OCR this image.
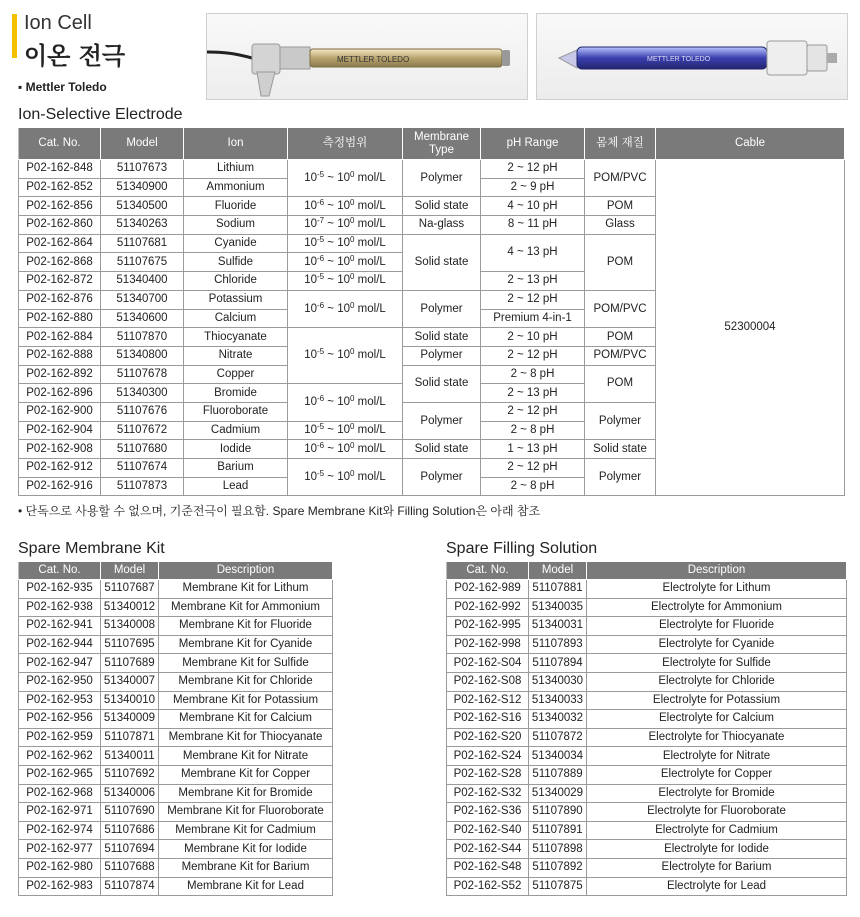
Ion Cell
이온 전극
▪ Mettler Toledo
METTLER TOLEDO	METTLER TOLEDO
Ion-Selective Electrode
Cat. No.	Model	Ion	측정범위	Membrane Type	pH Range	몸체 재질	Cable
P02-162-848	51107673	Lithium	$10^{-5}$ ~ $10^0$ mol/L	Polymer	2 ~ 12 pH	POM/PVC	52300004
P02-162-852	51340900	Ammonium			2 ~ 9 pH		
P02-162-856	51340500	Fluoride	$10^{-6}$ ~ $10^0$ mol/L	Solid state	4 ~ 10 pH	POM	
P02-162-860	51340263	Sodium	$10^{-7}$ ~ $10^0$ mol/L	Na-glass	8 ~ 11 pH	Glass	
P02-162-864	51107681	Cyanide	$10^{-5}$ ~ $10^0$ mol/L	Solid state	4 ~ 13 pH	POM	
P02-162-868	51107675	Sulfide	$10^{-6}$ ~ $10^0$ mol/L				
P02-162-872	51340400	Chloride	$10^{-5}$ ~ $10^0$ mol/L		2 ~ 13 pH		
P02-162-876	51340700	Potassium	$10^{-6}$ ~ $10^0$ mol/L	Polymer	2 ~ 12 pH	POM/PVC	
P02-162-880	51340600	Calcium			Premium 4-in-1		
P02-162-884	51107870	Thiocyanate	$10^{-5}$ ~ $10^0$ mol/L	Solid state	2 ~ 10 pH	POM	
P02-162-888	51340800	Nitrate		Polymer	2 ~ 12 pH	POM/PVC	
P02-162-892	51107678	Copper		Solid state	2 ~ 8 pH	POM	
P02-162-896	51340300	Bromide	$10^{-6}$ ~ $10^0$ mol/L		2 ~ 13 pH		
P02-162-900	51107676	Fluoroborate		Polymer	2 ~ 12 pH	Polymer	
P02-162-904	51107672	Cadmium	$10^{-5}$ ~ $10^0$ mol/L		2 ~ 8 pH		
P02-162-908	51107680	Iodide	$10^{-6}$ ~ $10^0$ mol/L	Solid state	1 ~ 13 pH	Solid state	
P02-162-912	51107674	Barium	$10^{-5}$ ~ $10^0$ mol/L	Polymer	2 ~ 12 pH	Polymer	
P02-162-916	51107873	Lead			2 ~ 8 pH		
• 단독으로 사용할 수 없으며, 기준전극이 필요함. Spare Membrane Kit와 Filling Solution은 아래 참조
Spare Membrane Kit
Cat. No.	Model	Description
P02-162-935	51107687	Membrane Kit for Lithum
P02-162-938	51340012	Membrane Kit for Ammonium
P02-162-941	51340008	Membrane Kit for Fluoride
P02-162-944	51107695	Membrane Kit for Cyanide
P02-162-947	51107689	Membrane Kit for Sulfide
P02-162-950	51340007	Membrane Kit for Chloride
P02-162-953	51340010	Membrane Kit for Potassium
P02-162-956	51340009	Membrane Kit for Calcium
P02-162-959	51107871	Membrane Kit for Thiocyanate
P02-162-962	51340011	Membrane Kit for Nitrate
P02-162-965	51107692	Membrane Kit for Copper
P02-162-968	51340006	Membrane Kit for Bromide
P02-162-971	51107690	Membrane Kit for Fluoroborate
P02-162-974	51107686	Membrane Kit for Cadmium
P02-162-977	51107694	Membrane Kit for Iodide
P02-162-980	51107688	Membrane Kit for Barium
P02-162-983	51107874	Membrane Kit for Lead
Spare Filling Solution
Cat. No.	Model	Description
P02-162-989	51107881	Electrolyte for Lithum
P02-162-992	51340035	Electrolyte for Ammonium
P02-162-995	51340031	Electrolyte for Fluoride
P02-162-998	51107893	Electrolyte for Cyanide
P02-162-S04	51107894	Electrolyte for Sulfide
P02-162-S08	51340030	Electrolyte for Chloride
P02-162-S12	51340033	Electrolyte for Potassium
P02-162-S16	51340032	Electrolyte for Calcium
P02-162-S20	51107872	Electrolyte for Thiocyanate
P02-162-S24	51340034	Electrolyte for Nitrate
P02-162-S28	51107889	Electrolyte for Copper
P02-162-S32	51340029	Electrolyte for Bromide
P02-162-S36	51107890	Electrolyte for Fluoroborate
P02-162-S40	51107891	Electrolyte for Cadmium
P02-162-S44	51107898	Electrolyte for Iodide
P02-162-S48	51107892	Electrolyte for Barium
P02-162-S52	51107875	Electrolyte for Lead
